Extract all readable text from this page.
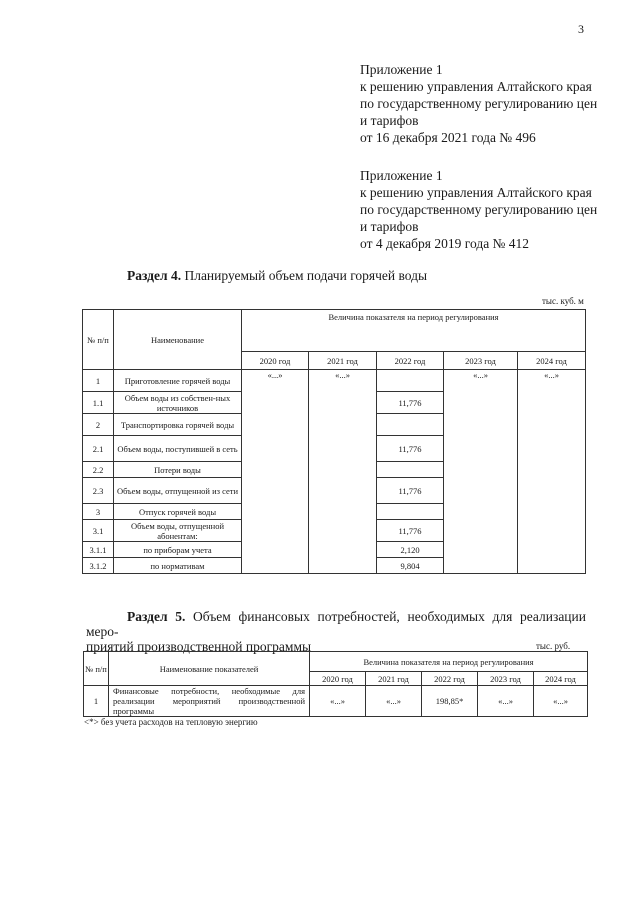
3
Приложение 1
к решению управления Алтайского края
по государственному регулированию цен
и тарифов
от 16 декабря 2021 года № 496
Приложение 1
к решению управления Алтайского края
по государственному регулированию цен
и тарифов
от 4 декабря 2019 года № 412
Раздел 4. Планируемый объем подачи горячей воды
тыс. куб. м
№ п/п	Наименование	Величина показателя на период регулирования				
		2020 год	2021 год	2022 год	2023 год	2024 год
1	Приготовление горячей воды	«...»	«...»		«...»	«...»
1.1	Объем воды из собствен-ных источников			11,776		
2	Транспортировка горячей воды					
2.1	Объем воды, поступившей в сеть			11,776		
2.2	Потери воды					
2.3	Объем воды, отпущенной из сети			11,776		
3	Отпуск горячей воды					
3.1	Объем воды, отпущенной абонентам:			11,776		
3.1.1	по приборам учета			2,120		
3.1.2	по нормативам			9,804		
Раздел 5. Объем финансовых потребностей, необходимых для реализации меро-
приятий производственной программы	тыс. руб.
№ п/п	Наименование показателей	Величина показателя на период регулирования				
		2020 год	2021 год	2022 год	2023 год	2024 год
1	Финансовые потребности, необходимые для реализации мероприятий производственной программы	«...»	«...»	198,85*	«...»	«...»
<*> без учета расходов на тепловую энергию
